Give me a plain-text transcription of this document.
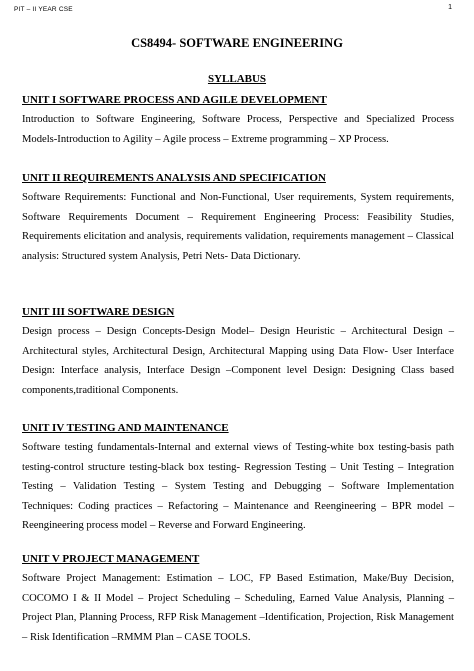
PIT – II YEAR CSE	1
CS8494- SOFTWARE ENGINEERING
SYLLABUS

UNIT I SOFTWARE PROCESS AND AGILE DEVELOPMENT

Introduction to Software Engineering, Software Process, Perspective and Specialized Process Models-Introduction to Agility – Agile process – Extreme programming – XP Process.

UNIT II REQUIREMENTS ANALYSIS AND SPECIFICATION

Software Requirements: Functional and Non-Functional, User requirements, System requirements, Software Requirements Document – Requirement Engineering Process: Feasibility Studies, Requirements elicitation and analysis, requirements validation, requirements management – Classical analysis: Structured system Analysis, Petri Nets- Data Dictionary.

UNIT III SOFTWARE DESIGN

Design process – Design Concepts-Design Model– Design Heuristic – Architectural Design – Architectural styles, Architectural Design, Architectural Mapping using Data Flow- User Interface Design: Interface analysis, Interface Design –Component level Design: Designing Class based components,traditional Components.

UNIT IV TESTING AND MAINTENANCE

Software testing fundamentals-Internal and external views of Testing-white box testing-basis path testing-control structure testing-black box testing- Regression Testing – Unit Testing – Integration Testing – Validation Testing – System Testing and Debugging – Software Implementation Techniques: Coding practices – Refactoring – Maintenance and Reengineering – BPR model – Reengineering process model – Reverse and Forward Engineering.

UNIT V PROJECT MANAGEMENT

Software Project Management: Estimation – LOC, FP Based Estimation, Make/Buy Decision, COCOMO I & II Model – Project Scheduling – Scheduling, Earned Value Analysis, Planning – Project Plan, Planning Process, RFP Risk Management –Identification, Projection, Risk Management – Risk Identification –RMMM Plan – CASE TOOLS.
